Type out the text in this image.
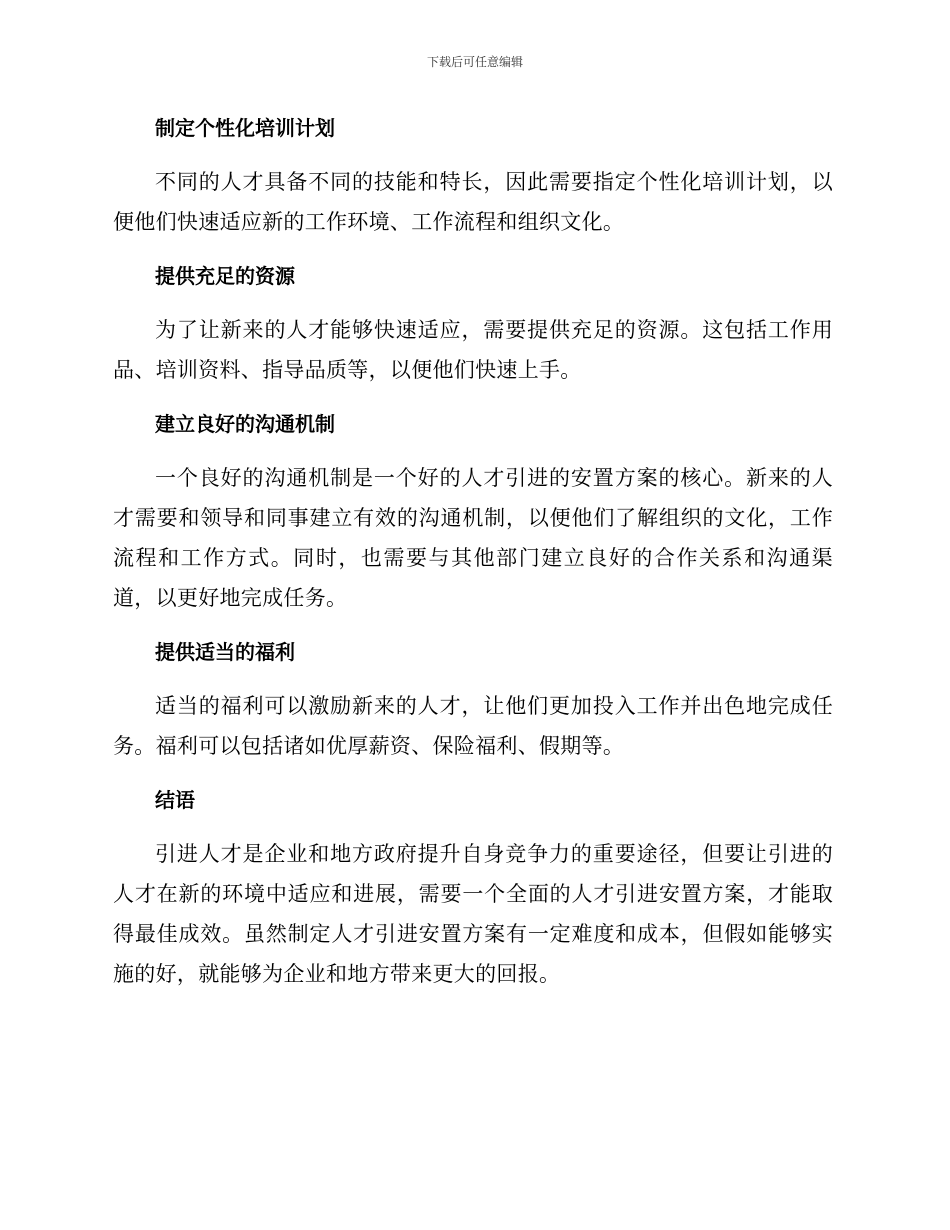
下载后可任意编辑
制定个性化培训计划

不同的人才具备不同的技能和特长，因此需要指定个性化培训计划，以便他们快速适应新的工作环境、工作流程和组织文化。

提供充足的资源

为了让新来的人才能够快速适应，需要提供充足的资源。这包括工作用品、培训资料、指导品质等，以便他们快速上手。

建立良好的沟通机制

一个良好的沟通机制是一个好的人才引进的安置方案的核心。新来的人才需要和领导和同事建立有效的沟通机制，以便他们了解组织的文化，工作流程和工作方式。同时，也需要与其他部门建立良好的合作关系和沟通渠道，以更好地完成任务。

提供适当的福利

适当的福利可以激励新来的人才，让他们更加投入工作并出色地完成任务。福利可以包括诸如优厚薪资、保险福利、假期等。

结语

引进人才是企业和地方政府提升自身竞争力的重要途径，但要让引进的人才在新的环境中适应和进展，需要一个全面的人才引进安置方案，才能取得最佳成效。虽然制定人才引进安置方案有一定难度和成本，但假如能够实施的好，就能够为企业和地方带来更大的回报。
